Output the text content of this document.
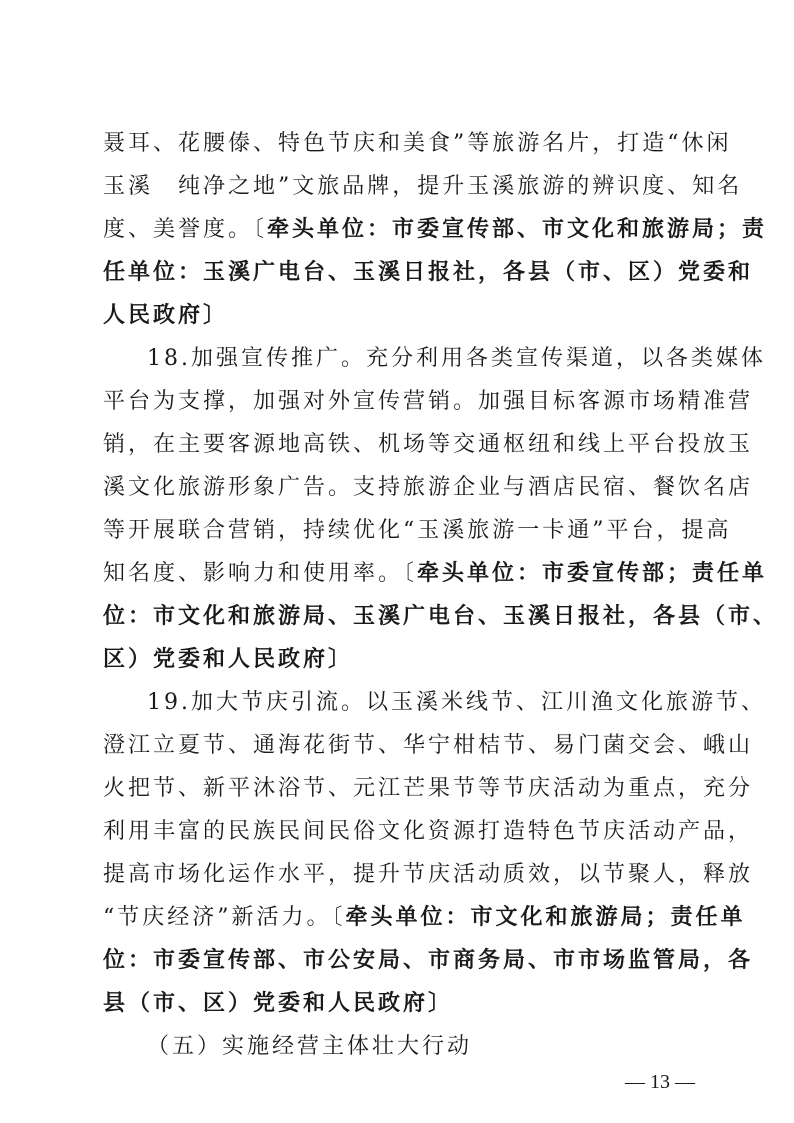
聂耳、花腰傣、特色节庆和美食”等旅游名片，打造“休闲
玉溪　纯净之地”文旅品牌，提升玉溪旅游的辨识度、知名
度、美誉度。〔牵头单位：市委宣传部、市文化和旅游局；责
任单位：玉溪广电台、玉溪日报社，各县（市、区）党委和
人民政府〕
18.加强宣传推广。充分利用各类宣传渠道，以各类媒体
平台为支撑，加强对外宣传营销。加强目标客源市场精准营
销，在主要客源地高铁、机场等交通枢纽和线上平台投放玉
溪文化旅游形象广告。支持旅游企业与酒店民宿、餐饮名店
等开展联合营销，持续优化“玉溪旅游一卡通”平台，提高
知名度、影响力和使用率。〔牵头单位：市委宣传部；责任单
位：市文化和旅游局、玉溪广电台、玉溪日报社，各县（市、
区）党委和人民政府〕
19.加大节庆引流。以玉溪米线节、江川渔文化旅游节、
澄江立夏节、通海花街节、华宁柑桔节、易门菌交会、峨山
火把节、新平沐浴节、元江芒果节等节庆活动为重点，充分
利用丰富的民族民间民俗文化资源打造特色节庆活动产品，
提高市场化运作水平，提升节庆活动质效，以节聚人，释放
“节庆经济”新活力。〔牵头单位：市文化和旅游局；责任单
位：市委宣传部、市公安局、市商务局、市市场监管局，各
县（市、区）党委和人民政府〕
（五）实施经营主体壮大行动
— 13 —
